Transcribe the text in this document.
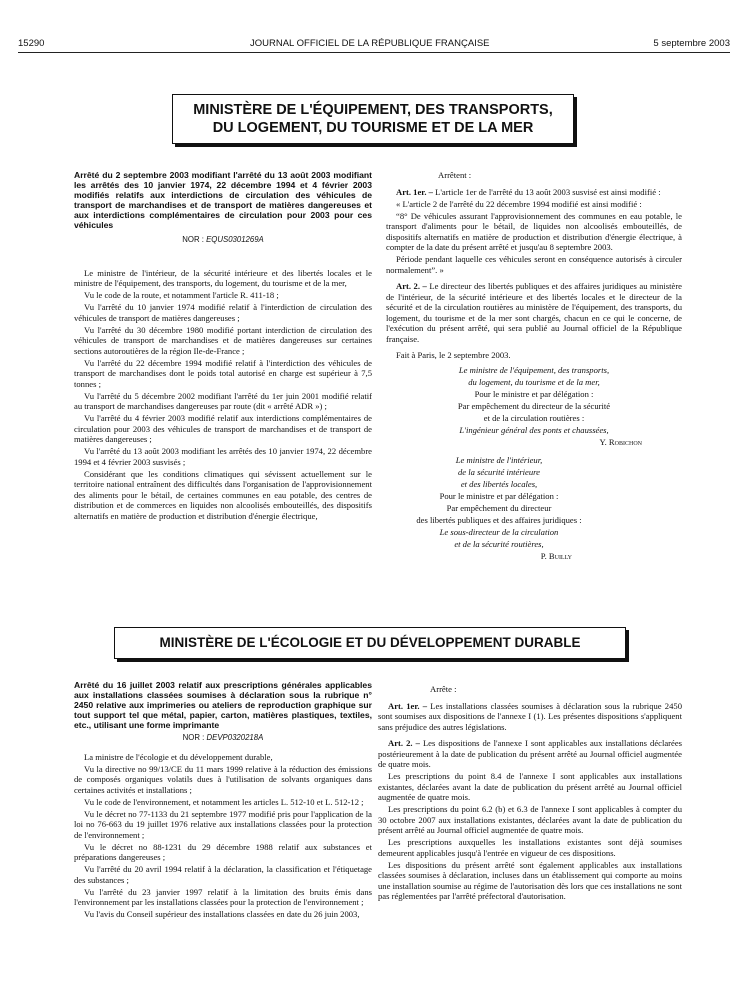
15290	JOURNAL OFFICIEL DE LA RÉPUBLIQUE FRANÇAISE	5 septembre 2003
MINISTÈRE DE L'ÉQUIPEMENT, DES TRANSPORTS,
DU LOGEMENT, DU TOURISME ET DE LA MER
Arrêté du 2 septembre 2003 modifiant l'arrêté du 13 août 2003 modifiant les arrêtés des 10 janvier 1974, 22 décembre 1994 et 4 février 2003 modifiés relatifs aux interdictions de circulation des véhicules de transport de marchandises et de transport de matières dangereuses et aux interdictions complémentaires de circulation pour 2003 pour ces véhicules
NOR : EQUS0301269A

Le ministre de l'intérieur, de la sécurité intérieure et des libertés locales et le ministre de l'équipement, des transports, du logement, du tourisme et de la mer,

Vu le code de la route, et notamment l'article R. 411-18 ;

Vu l'arrêté du 10 janvier 1974 modifié relatif à l'interdiction de circulation des véhicules de transport de matières dangereuses ;

Vu l'arrêté du 30 décembre 1980 modifié portant interdiction de circulation des véhicules de transport de marchandises et de matières dangereuses sur certaines sections autoroutières de la région Ile-de-France ;

Vu l'arrêté du 22 décembre 1994 modifié relatif à l'interdiction des véhicules de transport de marchandises dont le poids total autorisé en charge est supérieur à 7,5 tonnes ;

Vu l'arrêté du 5 décembre 2002 modifiant l'arrêté du 1er juin 2001 modifié relatif au transport de marchandises dangereuses par route (dit « arrêté ADR ») ;

Vu l'arrêté du 4 février 2003 modifié relatif aux interdictions complémentaires de circulation pour 2003 des véhicules de transport de marchandises et de transport de matières dangereuses ;

Vu l'arrêté du 13 août 2003 modifiant les arrêtés des 10 janvier 1974, 22 décembre 1994 et 4 février 2003 susvisés ;

Considérant que les conditions climatiques qui sévissent actuellement sur le territoire national entraînent des difficultés dans l'organisation de l'approvisionnement des aliments pour le bétail, de certaines communes en eau potable, des centres de distribution et de commerces en liquides non alcoolisés embouteillés, des dispositifs alternatifs en matière de production et distribution d'énergie électrique,

Arrêtent :

Art. 1er. – L'article 1er de l'arrêté du 13 août 2003 susvisé est ainsi modifié :

« L'article 2 de l'arrêté du 22 décembre 1994 modifié est ainsi modifié :

“8° De véhicules assurant l'approvisionnement des communes en eau potable, le transport d'aliments pour le bétail, de liquides non alcoolisés embouteillés, de dispositifs alternatifs en matière de production et distribution d'énergie électrique, à compter de la date du présent arrêté et jusqu'au 8 septembre 2003.

Période pendant laquelle ces véhicules seront en conséquence autorisés à circuler normalement”. »

Art. 2. – Le directeur des libertés publiques et des affaires juridiques au ministère de l'intérieur, de la sécurité intérieure et des libertés locales et le directeur de la sécurité et de la circulation routières au ministère de l'équipement, des transports, du logement, du tourisme et de la mer sont chargés, chacun en ce qui le concerne, de l'exécution du présent arrêté, qui sera publié au Journal officiel de la République française.

Fait à Paris, le 2 septembre 2003.

Le ministre de l'équipement, des transports,

du logement, du tourisme et de la mer,

Pour le ministre et par délégation :

Par empêchement du directeur de la sécurité

et de la circulation routières :

L'ingénieur général des ponts et chaussées,

Y. Robichon

Le ministre de l'intérieur,

de la sécurité intérieure

et des libertés locales,

Pour le ministre et par délégation :

Par empêchement du directeur

des libertés publiques et des affaires juridiques :

Le sous-directeur de la circulation

et de la sécurité routières,

P. Builly

MINISTÈRE DE L'ÉCOLOGIE ET DU DÉVELOPPEMENT DURABLE
Arrêté du 16 juillet 2003 relatif aux prescriptions générales applicables aux installations classées soumises à déclaration sous la rubrique n° 2450 relative aux imprimeries ou ateliers de reproduction graphique sur tout support tel que métal, papier, carton, matières plastiques, textiles, etc., utilisant une forme imprimante
NOR : DEVP0320218A

La ministre de l'écologie et du développement durable,

Vu la directive no 99/13/CE du 11 mars 1999 relative à la réduction des émissions de composés organiques volatils dues à l'utilisation de solvants organiques dans certaines activités et installations ;

Vu le code de l'environnement, et notamment les articles L. 512-10 et L. 512-12 ;

Vu le décret no 77-1133 du 21 septembre 1977 modifié pris pour l'application de la loi no 76-663 du 19 juillet 1976 relative aux installations classées pour la protection de l'environnement ;

Vu le décret no 88-1231 du 29 décembre 1988 relatif aux substances et préparations dangereuses ;

Vu l'arrêté du 20 avril 1994 relatif à la déclaration, la classification et l'étiquetage des substances ;

Vu l'arrêté du 23 janvier 1997 relatif à la limitation des bruits émis dans l'environnement par les installations classées pour la protection de l'environnement ;

Vu l'avis du Conseil supérieur des installations classées en date du 26 juin 2003,

Arrête :

Art. 1er. – Les installations classées soumises à déclaration sous la rubrique 2450 sont soumises aux dispositions de l'annexe I (1). Les présentes dispositions s'appliquent sans préjudice des autres législations.

Art. 2. – Les dispositions de l'annexe I sont applicables aux installations déclarées postérieurement à la date de publication du présent arrêté au Journal officiel augmentée de quatre mois.

Les prescriptions du point 8.4 de l'annexe I sont applicables aux installations existantes, déclarées avant la date de publication du présent arrêté au Journal officiel augmentée de quatre mois.

Les prescriptions du point 6.2 (b) et 6.3 de l'annexe I sont applicables à compter du 30 octobre 2007 aux installations existantes, déclarées avant la date de publication du présent arrêté au Journal officiel augmentée de quatre mois.

Les prescriptions auxquelles les installations existantes sont déjà soumises demeurent applicables jusqu'à l'entrée en vigueur de ces dispositions.

Les dispositions du présent arrêté sont également applicables aux installations classées soumises à déclaration, incluses dans un établissement qui comporte au moins une installation soumise au régime de l'autorisation dès lors que ces installations ne sont pas réglementées par l'arrêté préfectoral d'autorisation.
